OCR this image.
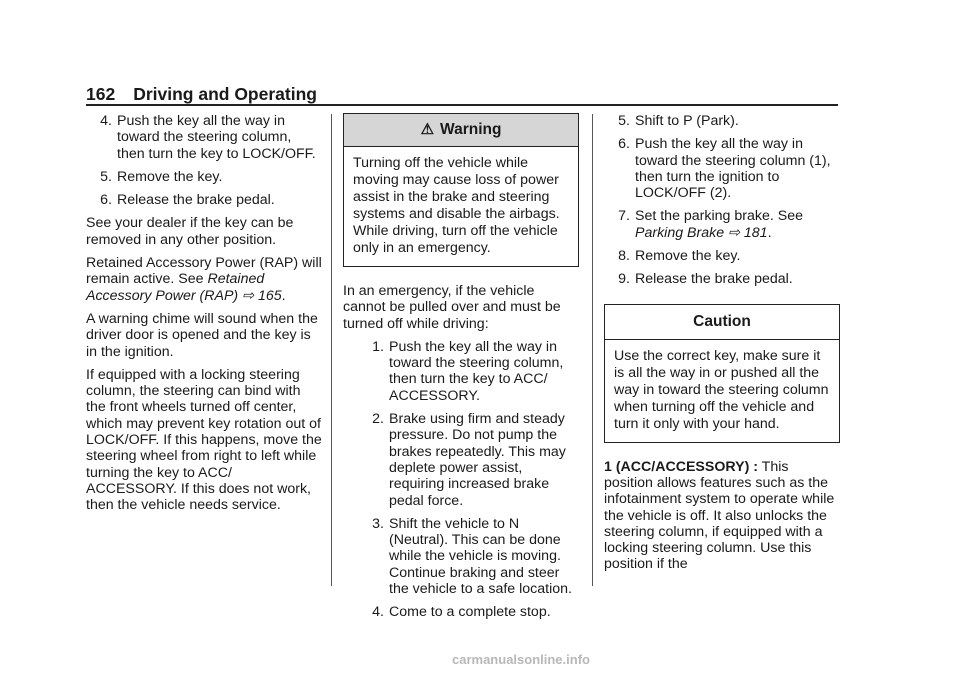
162 Driving and Operating
4. Push the key all the way in toward the steering column, then turn the key to LOCK/OFF.
5. Remove the key.
6. Release the brake pedal.

See your dealer if the key can be removed in any other position.

Retained Accessory Power (RAP) will remain active. See Retained Accessory Power (RAP) ⇨ 165.

A warning chime will sound when the driver door is opened and the key is in the ignition.

If equipped with a locking steering column, the steering can bind with the front wheels turned off center, which may prevent key rotation out of LOCK/OFF. If this happens, move the steering wheel from right to left while turning the key to ACC/ ACCESSORY. If this does not work, then the vehicle needs service.

⚠ Warning
Turning off the vehicle while moving may cause loss of power assist in the brake and steering systems and disable the airbags. While driving, turn off the vehicle only in an emergency.

In an emergency, if the vehicle cannot be pulled over and must be turned off while driving:

1. Push the key all the way in toward the steering column, then turn the key to ACC/ ACCESSORY.
2. Brake using firm and steady pressure. Do not pump the brakes repeatedly. This may deplete power assist, requiring increased brake pedal force.
3. Shift the vehicle to N (Neutral). This can be done while the vehicle is moving. Continue braking and steer the vehicle to a safe location.
4. Come to a complete stop.
5. Shift to P (Park).
6. Push the key all the way in toward the steering column (1), then turn the ignition to LOCK/OFF (2).
7. Set the parking brake. See Parking Brake ⇨ 181.
8. Remove the key.
9. Release the brake pedal.
Caution
Use the correct key, make sure it is all the way in or pushed all the way in toward the steering column when turning off the vehicle and turn it only with your hand.

1 (ACC/ACCESSORY) : This position allows features such as the infotainment system to operate while the vehicle is off. It also unlocks the steering column, if equipped with a locking steering column. Use this position if the

carmanualsonline.info
